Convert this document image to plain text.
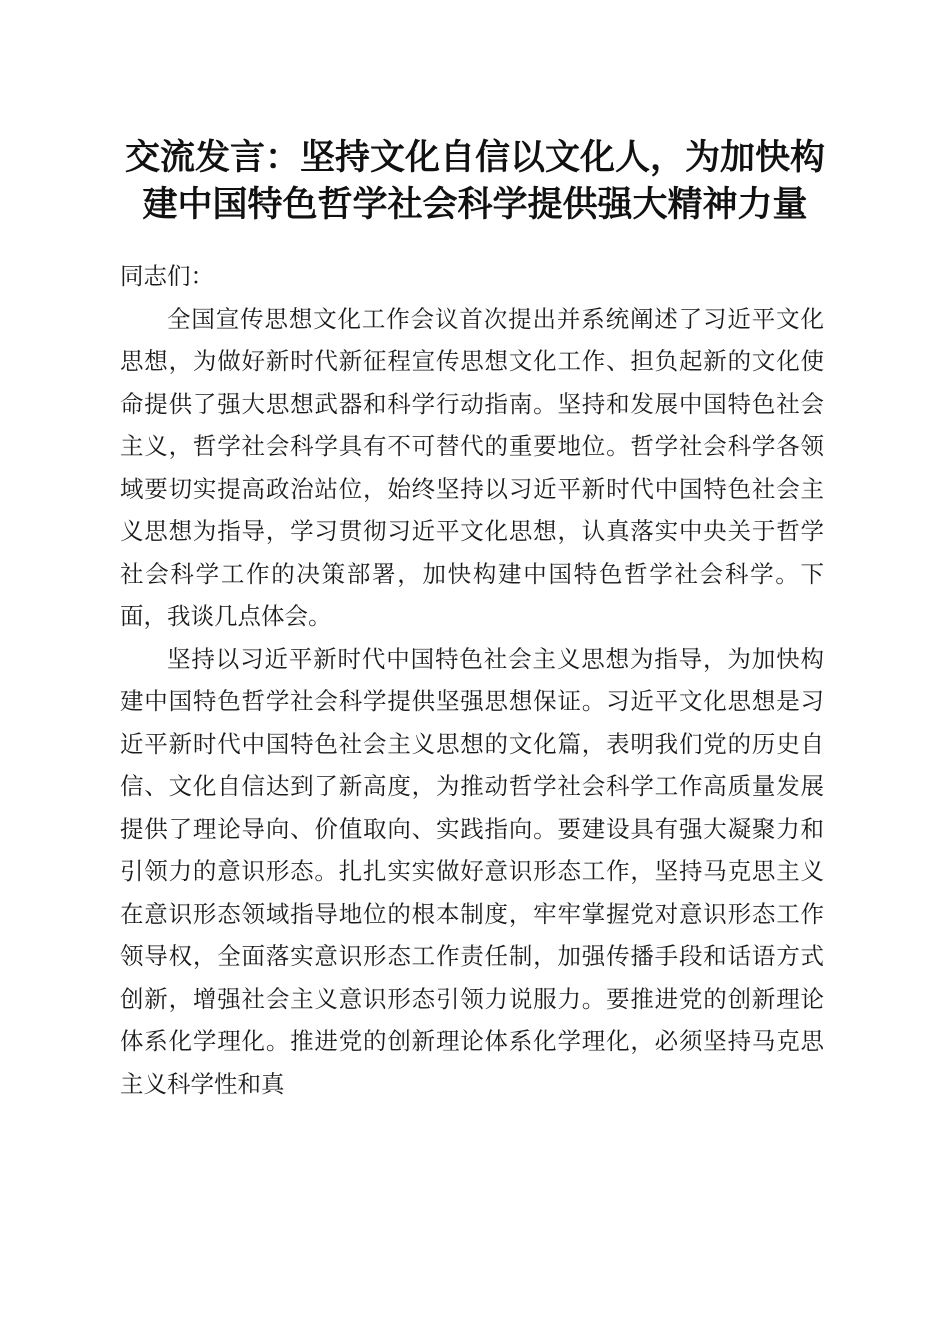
交流发言：坚持文化自信以文化人，为加快构
建中国特色哲学社会科学提供强大精神力量

同志们：

全国宣传思想文化工作会议首次提出并系统阐述了习近平文化思想，为做好新时代新征程宣传思想文化工作、担负起新的文化使命提供了强大思想武器和科学行动指南。坚持和发展中国特色社会主义，哲学社会科学具有不可替代的重要地位。哲学社会科学各领域要切实提高政治站位，始终坚持以习近平新时代中国特色社会主义思想为指导，学习贯彻习近平文化思想，认真落实中央关于哲学社会科学工作的决策部署，加快构建中国特色哲学社会科学。下面，我谈几点体会。

坚持以习近平新时代中国特色社会主义思想为指导，为加快构建中国特色哲学社会科学提供坚强思想保证。习近平文化思想是习近平新时代中国特色社会主义思想的文化篇，表明我们党的历史自信、文化自信达到了新高度，为推动哲学社会科学工作高质量发展提供了理论导向、价值取向、实践指向。要建设具有强大凝聚力和引领力的意识形态。扎扎实实做好意识形态工作，坚持马克思主义在意识形态领域指导地位的根本制度，牢牢掌握党对意识形态工作领导权，全面落实意识形态工作责任制，加强传播手段和话语方式创新，增强社会主义意识形态引领力说服力。要推进党的创新理论体系化学理化。推进党的创新理论体系化学理化，必须坚持马克思主义科学性和真
